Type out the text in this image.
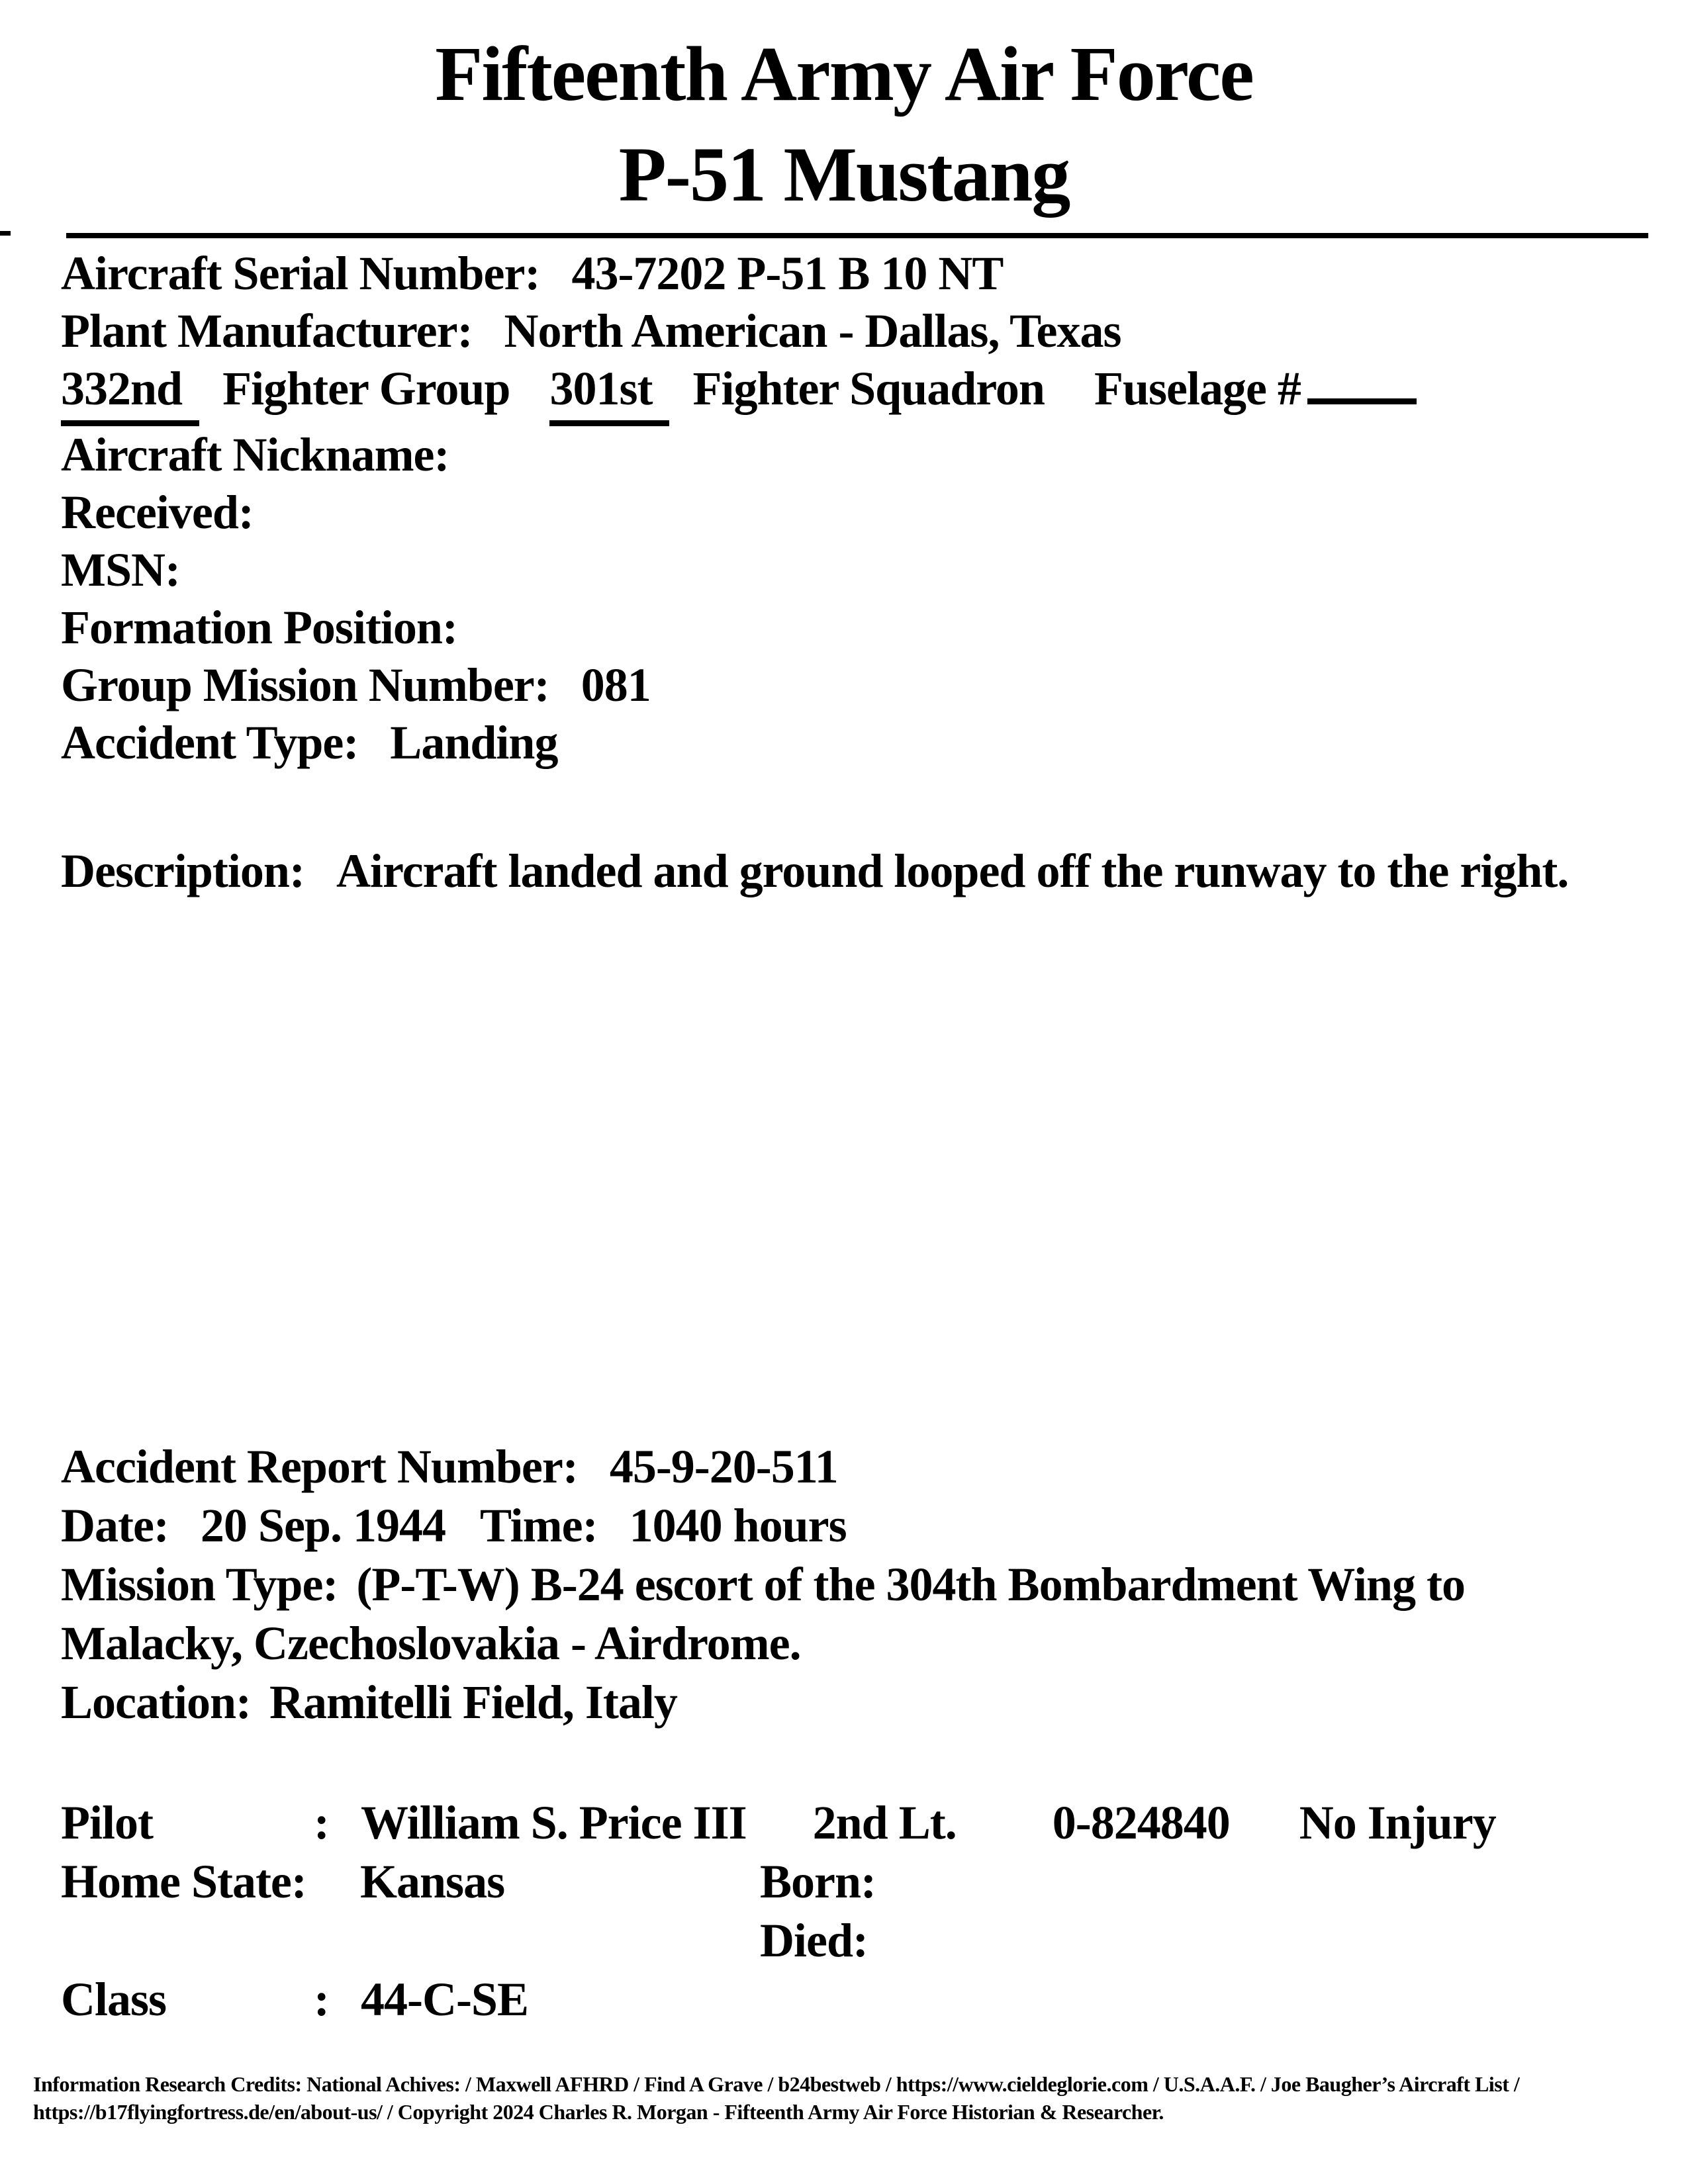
Fifteenth Army Air Force
P-51 Mustang
Aircraft Serial Number: 43-7202 P-51 B 10 NT
Plant Manufacturer: North American - Dallas, Texas
332nd Fighter Group 301st Fighter Squadron Fuselage #
Aircraft Nickname:
Received:
MSN:
Formation Position:
Group Mission Number: 081
Accident Type: Landing
Description: Aircraft landed and ground looped off the runway to the right.
Accident Report Number: 45-9-20-511
Date: 20 Sep. 1944 Time: 1040 hours
Mission Type: (P-T-W) B-24 escort of the 304th Bombardment Wing to Malacky, Czechoslovakia - Airdrome.
Location: Ramitelli Field, Italy
Pilot	: William S. Price III 2nd Lt. 0-824840 No Injury
Home State: Kansas	Born:
Died:
Class	: 44-C-SE
Information Research Credits: National Achives: / Maxwell AFHRD / Find A Grave / b24bestweb / https://www.cieldeglorie.com / U.S.A.A.F. / Joe Baugher’s Aircraft List /
https://b17flyingfortress.de/en/about-us/ / Copyright 2024 Charles R. Morgan - Fifteenth Army Air Force Historian & Researcher.
